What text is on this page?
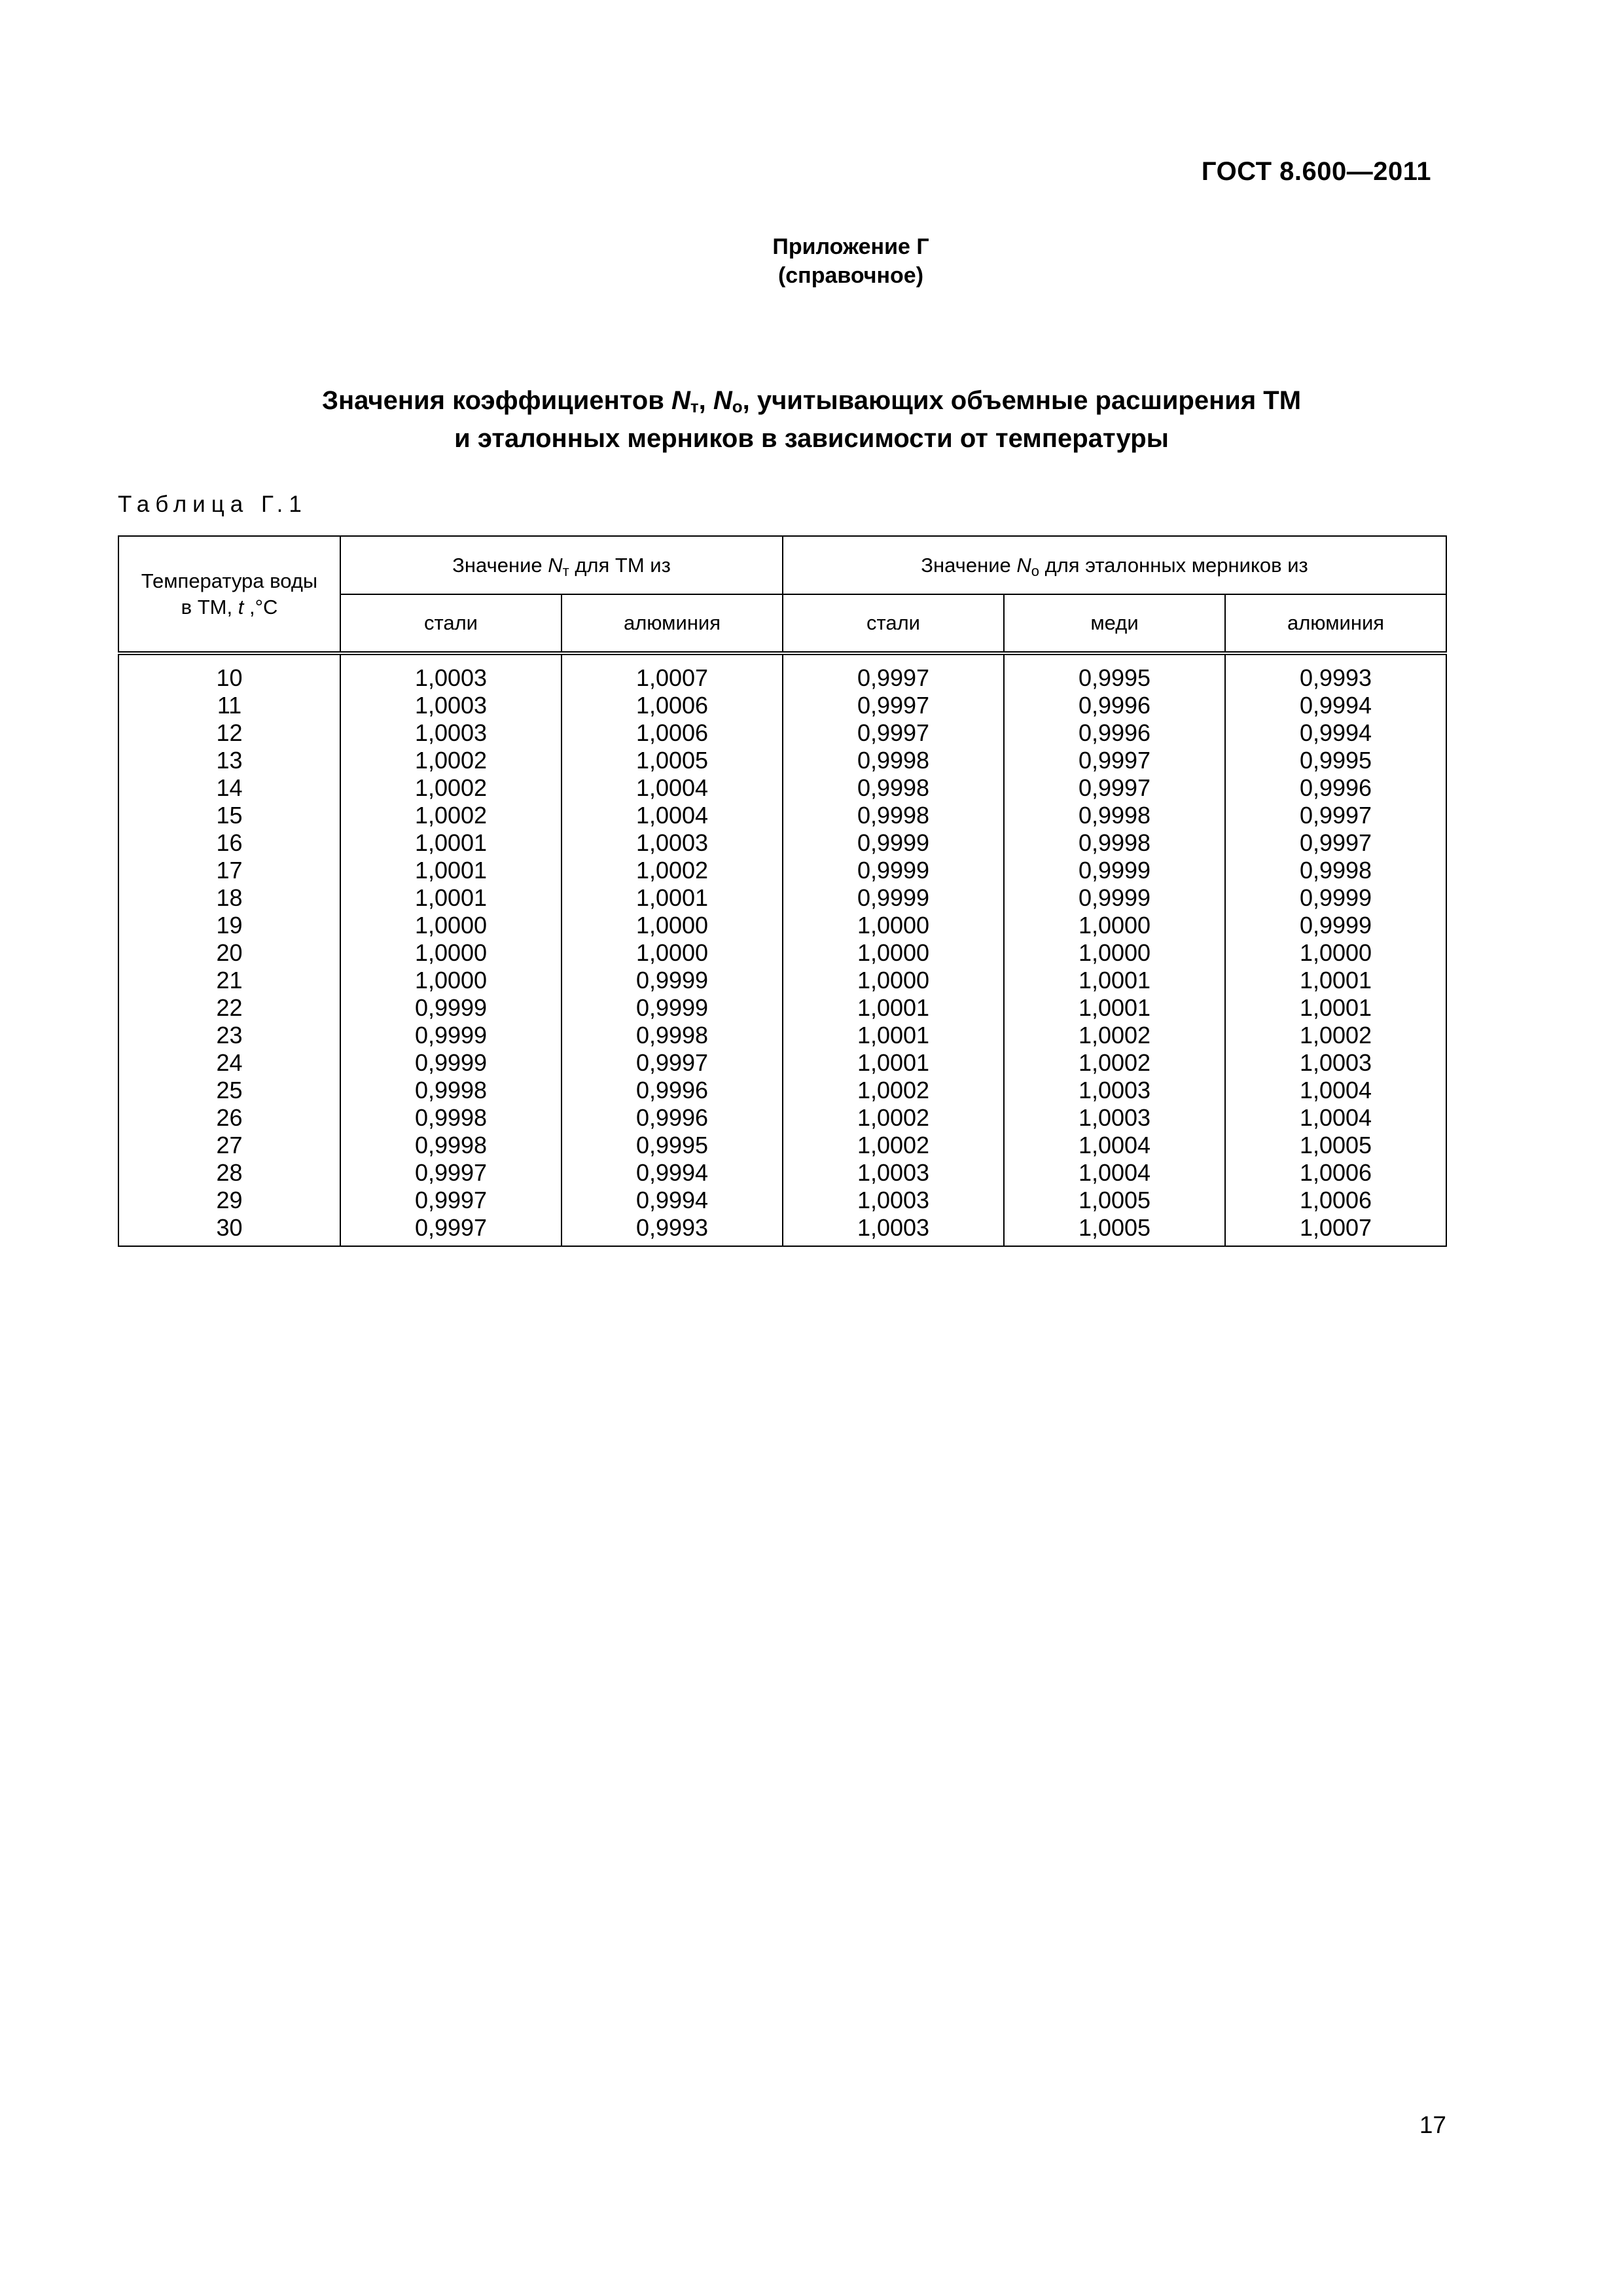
ГОСТ 8.600—2011
Приложение Г
(справочное)
Значения коэффициентов $N_т$, $N_о$, учитывающих объемные расширения ТМ
и эталонных мерников в зависимости от температуры
Таблица Г.1
Температура воды
в ТМ, t ,°С	Значение $N_т$ для ТМ из		Значение $N_о$ для эталонных мерников из		
	стали	алюминия	стали	меди	алюминия
10	1,0003	1,0007	0,9997	0,9995	0,9993
11	1,0003	1,0006	0,9997	0,9996	0,9994
12	1,0003	1,0006	0,9997	0,9996	0,9994
13	1,0002	1,0005	0,9998	0,9997	0,9995
14	1,0002	1,0004	0,9998	0,9997	0,9996
15	1,0002	1,0004	0,9998	0,9998	0,9997
16	1,0001	1,0003	0,9999	0,9998	0,9997
17	1,0001	1,0002	0,9999	0,9999	0,9998
18	1,0001	1,0001	0,9999	0,9999	0,9999
19	1,0000	1,0000	1,0000	1,0000	0,9999
20	1,0000	1,0000	1,0000	1,0000	1,0000
21	1,0000	0,9999	1,0000	1,0001	1,0001
22	0,9999	0,9999	1,0001	1,0001	1,0001
23	0,9999	0,9998	1,0001	1,0002	1,0002
24	0,9999	0,9997	1,0001	1,0002	1,0003
25	0,9998	0,9996	1,0002	1,0003	1,0004
26	0,9998	0,9996	1,0002	1,0003	1,0004
27	0,9998	0,9995	1,0002	1,0004	1,0005
28	0,9997	0,9994	1,0003	1,0004	1,0006
29	0,9997	0,9994	1,0003	1,0005	1,0006
30	0,9997	0,9993	1,0003	1,0005	1,0007
17
